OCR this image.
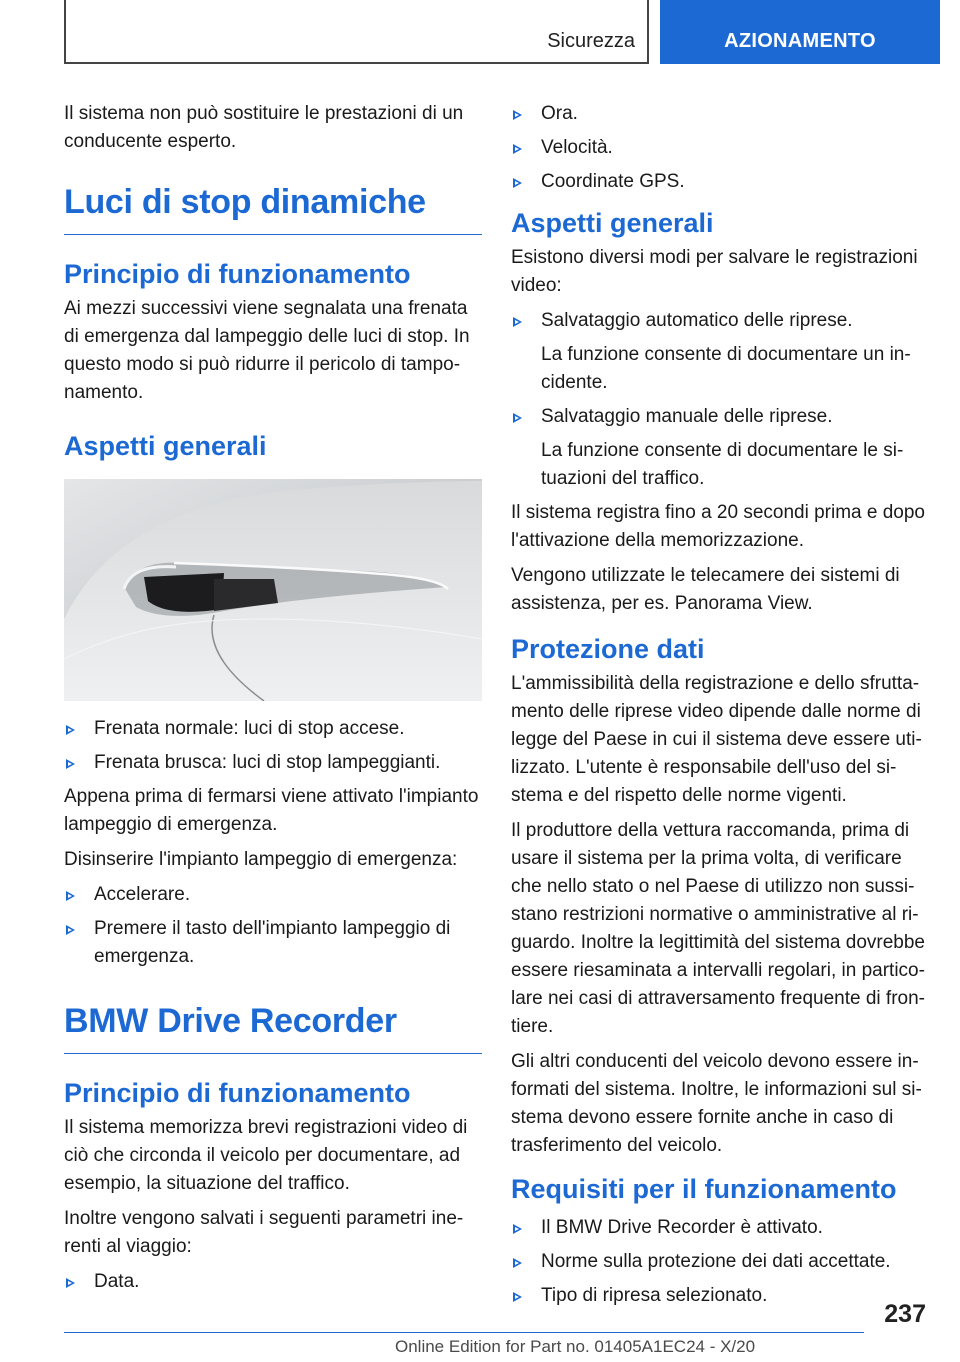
Sicurezza	AZIONAMENTO

Il sistema non può sostituire le prestazioni di un conducente esperto.

Luci di stop dinamiche
Principio di funzionamento

Ai mezzi successivi viene segnalata una frenata di emergenza dal lampeggio delle luci di stop. In questo modo si può ridurre il pericolo di tamponamento.

Aspetti generali
Frenata normale: luci di stop accese.
Frenata brusca: luci di stop lampeggianti.

Appena prima di fermarsi viene attivato l'impianto lampeggio di emergenza.

Disinserire l'impianto lampeggio di emergenza:

Accelerare.
Premere il tasto dell'impianto lampeggio di emergenza.
BMW Drive Recorder
Principio di funzionamento

Il sistema memorizza brevi registrazioni video di ciò che circonda il veicolo per documentare, ad esempio, la situazione del traffico.

Inoltre vengono salvati i seguenti parametri inerenti al viaggio:

Data.
Ora.
Velocità.
Coordinate GPS.
Aspetti generali

Esistono diversi modi per salvare le registrazioni video:

Salvataggio automatico delle riprese.
La funzione consente di documentare un incidente.
Salvataggio manuale delle riprese.
La funzione consente di documentare le situazioni del traffico.

Il sistema registra fino a 20 secondi prima e dopo l'attivazione della memorizzazione.

Vengono utilizzate le telecamere dei sistemi di assistenza, per es. Panorama View.

Protezione dati

L'ammissibilità della registrazione e dello sfruttamento delle riprese video dipende dalle norme di legge del Paese in cui il sistema deve essere utilizzato. L'utente è responsabile dell'uso del sistema e del rispetto delle norme vigenti.

Il produttore della vettura raccomanda, prima di usare il sistema per la prima volta, di verificare che nello stato o nel Paese di utilizzo non sussistano restrizioni normative o amministrative al riguardo. Inoltre la legittimità del sistema dovrebbe essere riesaminata a intervalli regolari, in particolare nei casi di attraversamento frequente di frontiere.

Gli altri conducenti del veicolo devono essere informati del sistema. Inoltre, le informazioni sul sistema devono essere fornite anche in caso di trasferimento del veicolo.

Requisiti per il funzionamento
Il BMW Drive Recorder è attivato.
Norme sulla protezione dei dati accettate.
Tipo di ripresa selezionato.
237
Online Edition for Part no. 01405A1EC24 - X/20
